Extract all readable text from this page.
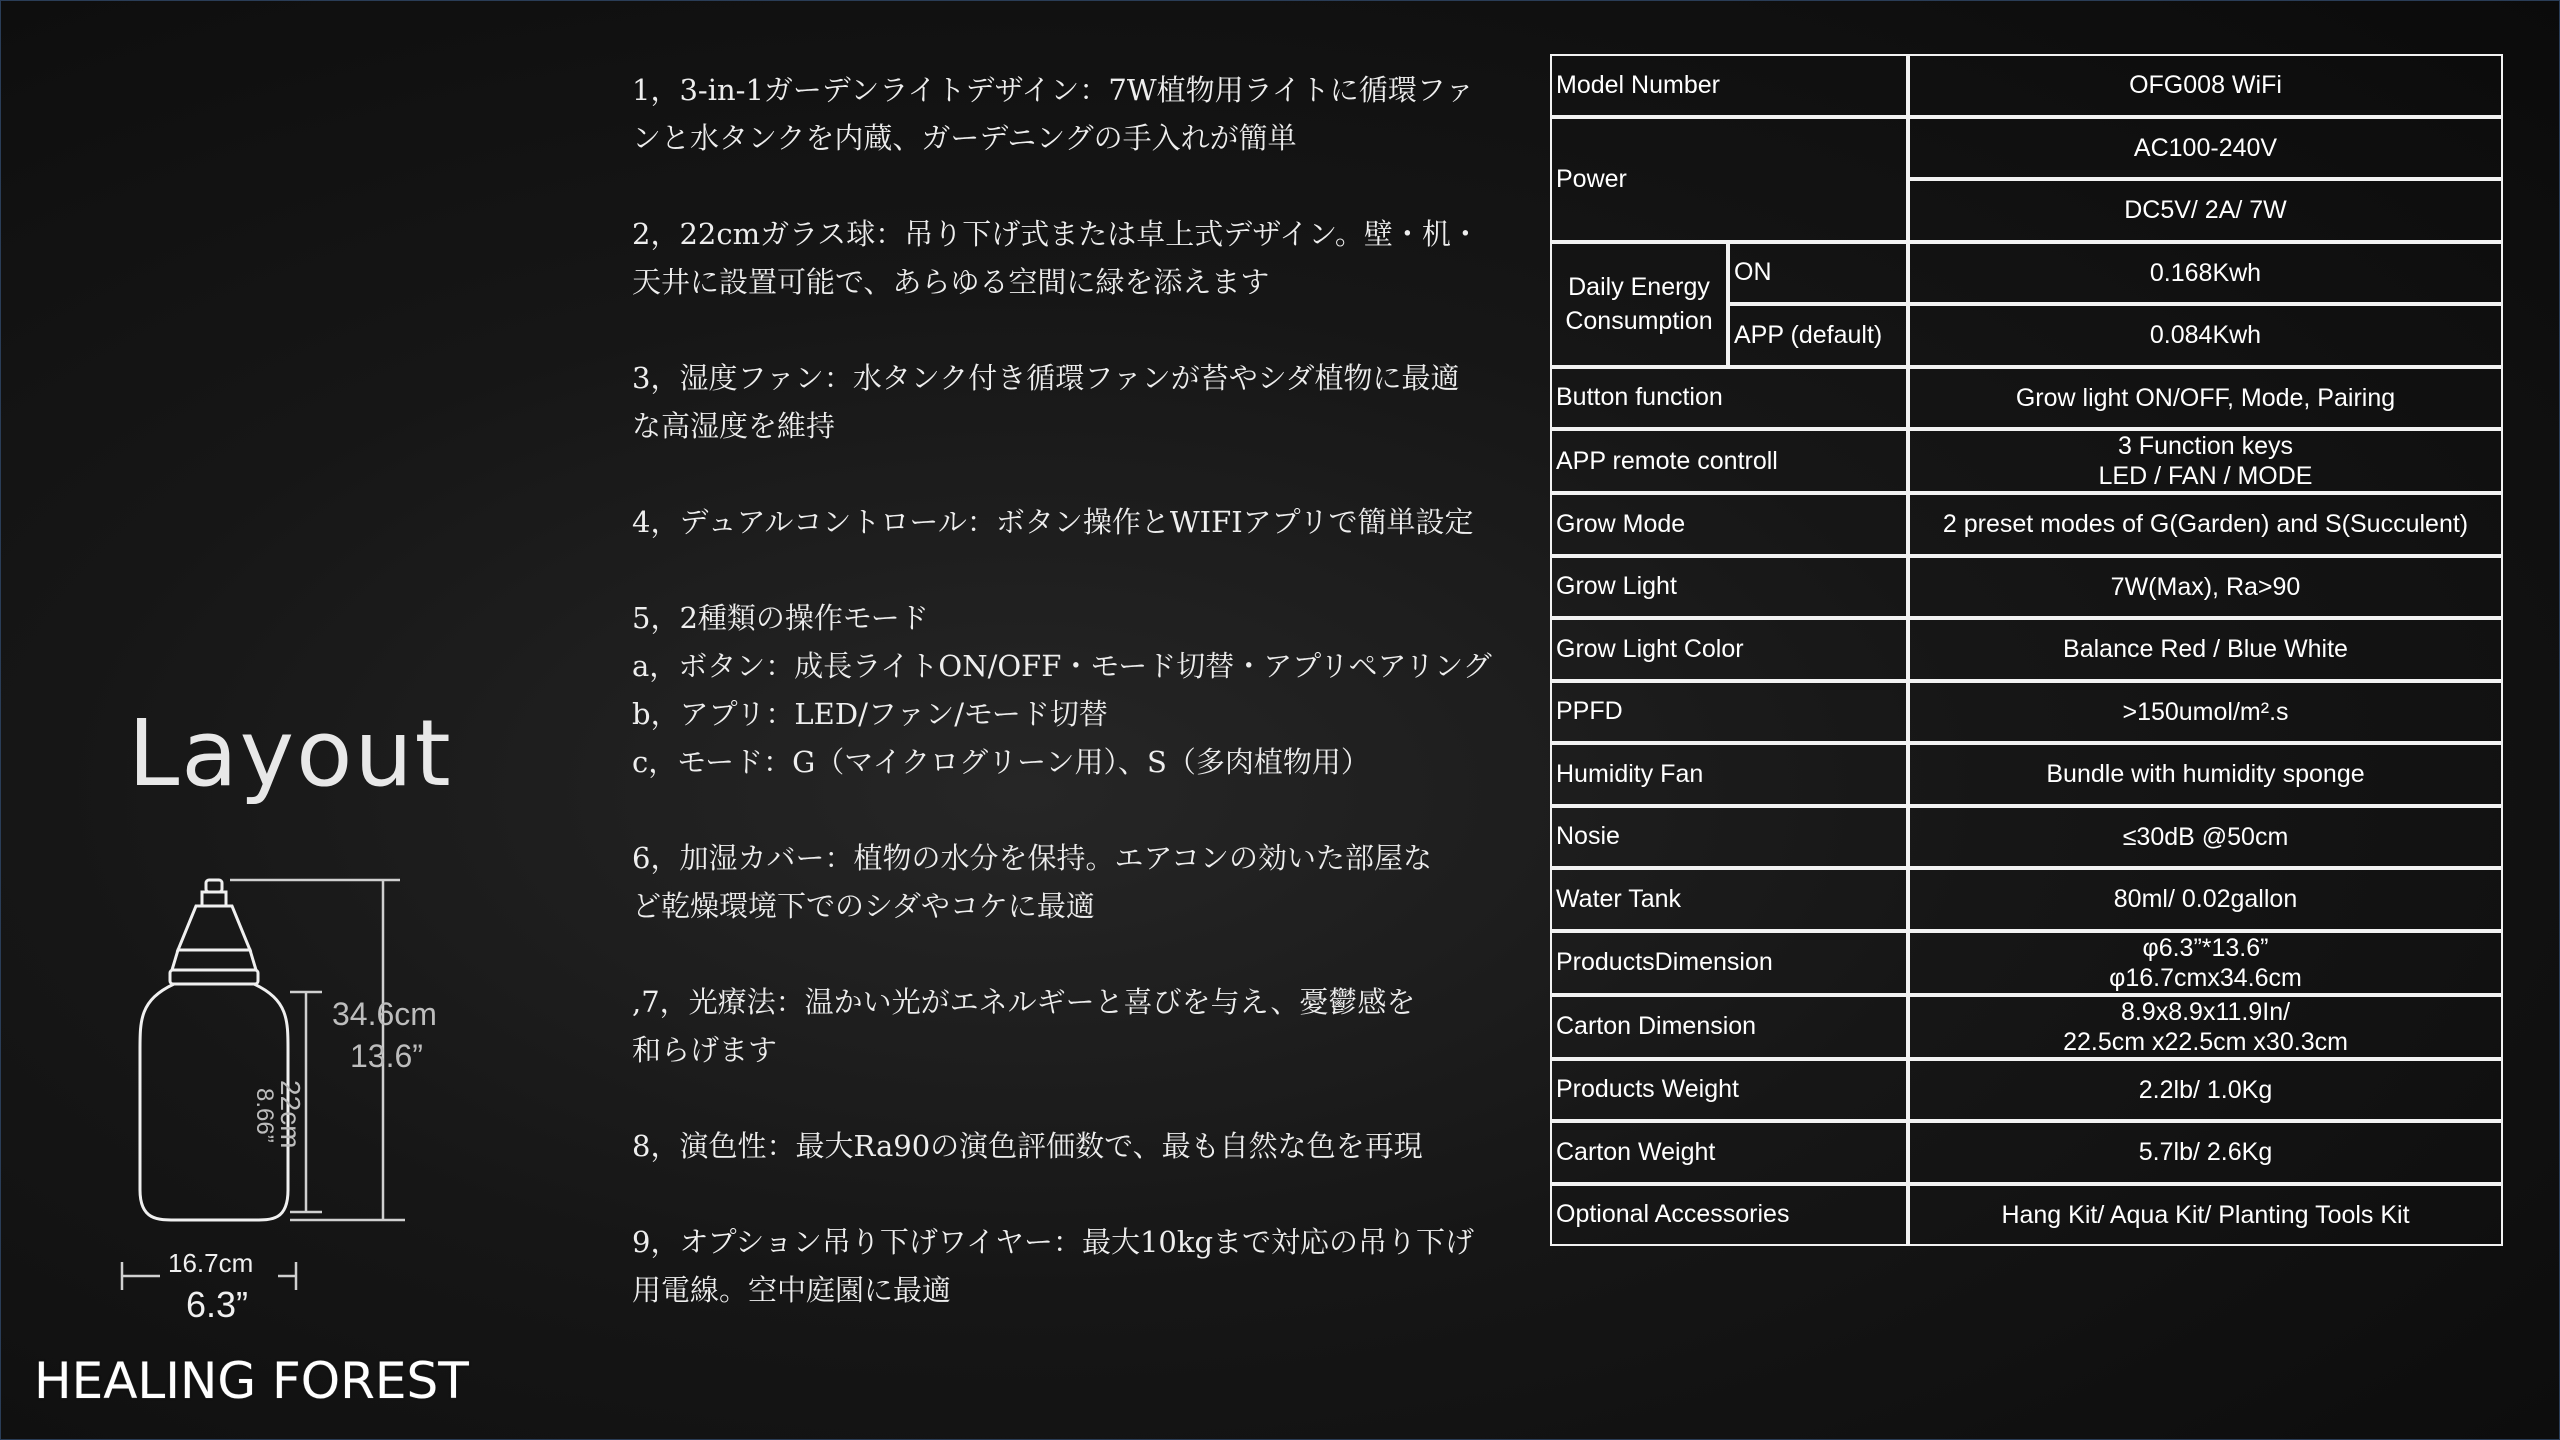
Layout
34.6cm
13.6”
22cm
8.66”
16.7cm
6.3”
HEALING FOREST

1，3-in-1ガーデンライトデザイン：7W植物用ライトに循環ファ

ンと水タンクを内蔵、ガーデニングの手入れが簡単

2，22cmガラス球：吊り下げ式または卓上式デザイン。壁・机・

天井に設置可能で、あらゆる空間に緑を添えます

3，湿度ファン：水タンク付き循環ファンが苔やシダ植物に最適

な高湿度を維持

4，デュアルコントロール：ボタン操作とWIFIアプリで簡単設定

5，2種類の操作モード

a，ボタン：成長ライトON/OFF・モード切替・アプリペアリング

b，アプリ：LED/ファン/モード切替

c，モード：G（マイクログリーン用）、S（多肉植物用）

6，加湿カバー：植物の水分を保持。エアコンの効いた部屋な

ど乾燥環境下でのシダやコケに最適

,7，光療法：温かい光がエネルギーと喜びを与え、憂鬱感を

和らげます

8，演色性：最大Ra90の演色評価数で、最も自然な色を再現

9，オプション吊り下げワイヤー：最大10kgまで対応の吊り下げ

用電線。空中庭園に最適

Model Number		OFG008 WiFi
Power		AC100-240V
		DC5V/ 2A/ 7W
Daily Energy Consumption	ON	0.168Kwh
	APP (default)	0.084Kwh
Button function		Grow light ON/OFF, Mode, Pairing

APP remote controll		3 Function keys
LED / FAN / MODE

Grow Mode		2 preset modes of G(Garden) and S(Succulent)

Grow Light		7W(Max), Ra>90

Grow Light Color		Balance Red / Blue White

PPFD		>150umol/m².s

Humidity Fan		Bundle with humidity sponge

Nosie		≤30dB @50cm

Water Tank		80ml/ 0.02gallon

ProductsDimension		φ6.3”*13.6”
φ16.7cmx34.6cm

Carton Dimension		8.9x8.9x11.9In/
22.5cm x22.5cm x30.3cm

Products Weight		2.2lb/ 1.0Kg

Carton Weight		5.7lb/ 2.6Kg

Optional Accessories		Hang Kit/ Aqua Kit/ Planting Tools Kit
